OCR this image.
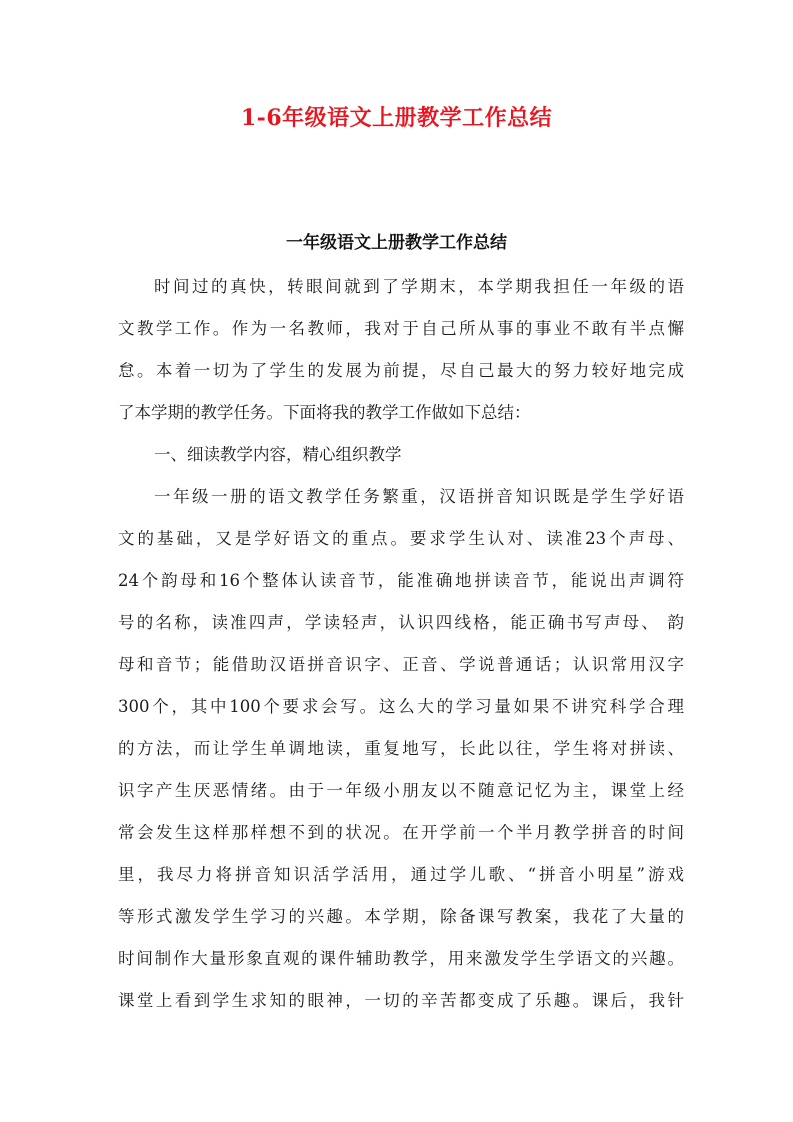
1-6年级语文上册教学工作总结
一年级语文上册教学工作总结
时间过的真快，转眼间就到了学期末，本学期我担任一年级的语
文教学工作。作为一名教师，我对于自己所从事的事业不敢有半点懈
怠。本着一切为了学生的发展为前提，尽自己最大的努力较好地完成
了本学期的教学任务。下面将我的教学工作做如下总结：
一、细读教学内容，精心组织教学
一年级一册的语文教学任务繁重，汉语拼音知识既是学生学好语
文的基础，又是学好语文的重点。要求学生认对、读准23个声母、
24个韵母和16个整体认读音节，能准确地拼读音节，能说出声调符
号的名称，读准四声，学读轻声，认识四线格，能正确书写声母、 韵
母和音节；能借助汉语拼音识字、正音、学说普通话；认识常用汉字
300个，其中100个要求会写。这么大的学习量如果不讲究科学合理
的方法，而让学生单调地读，重复地写，长此以往，学生将对拼读、
识字产生厌恶情绪。由于一年级小朋友以不随意记忆为主，课堂上经
常会发生这样那样想不到的状况。在开学前一个半月教学拼音的时间
里，我尽力将拼音知识活学活用，通过学儿歌、“拼音小明星”游戏
等形式激发学生学习的兴趣。本学期，除备课写教案，我花了大量的
时间制作大量形象直观的课件辅助教学，用来激发学生学语文的兴趣。
课堂上看到学生求知的眼神，一切的辛苦都变成了乐趣。课后，我针
